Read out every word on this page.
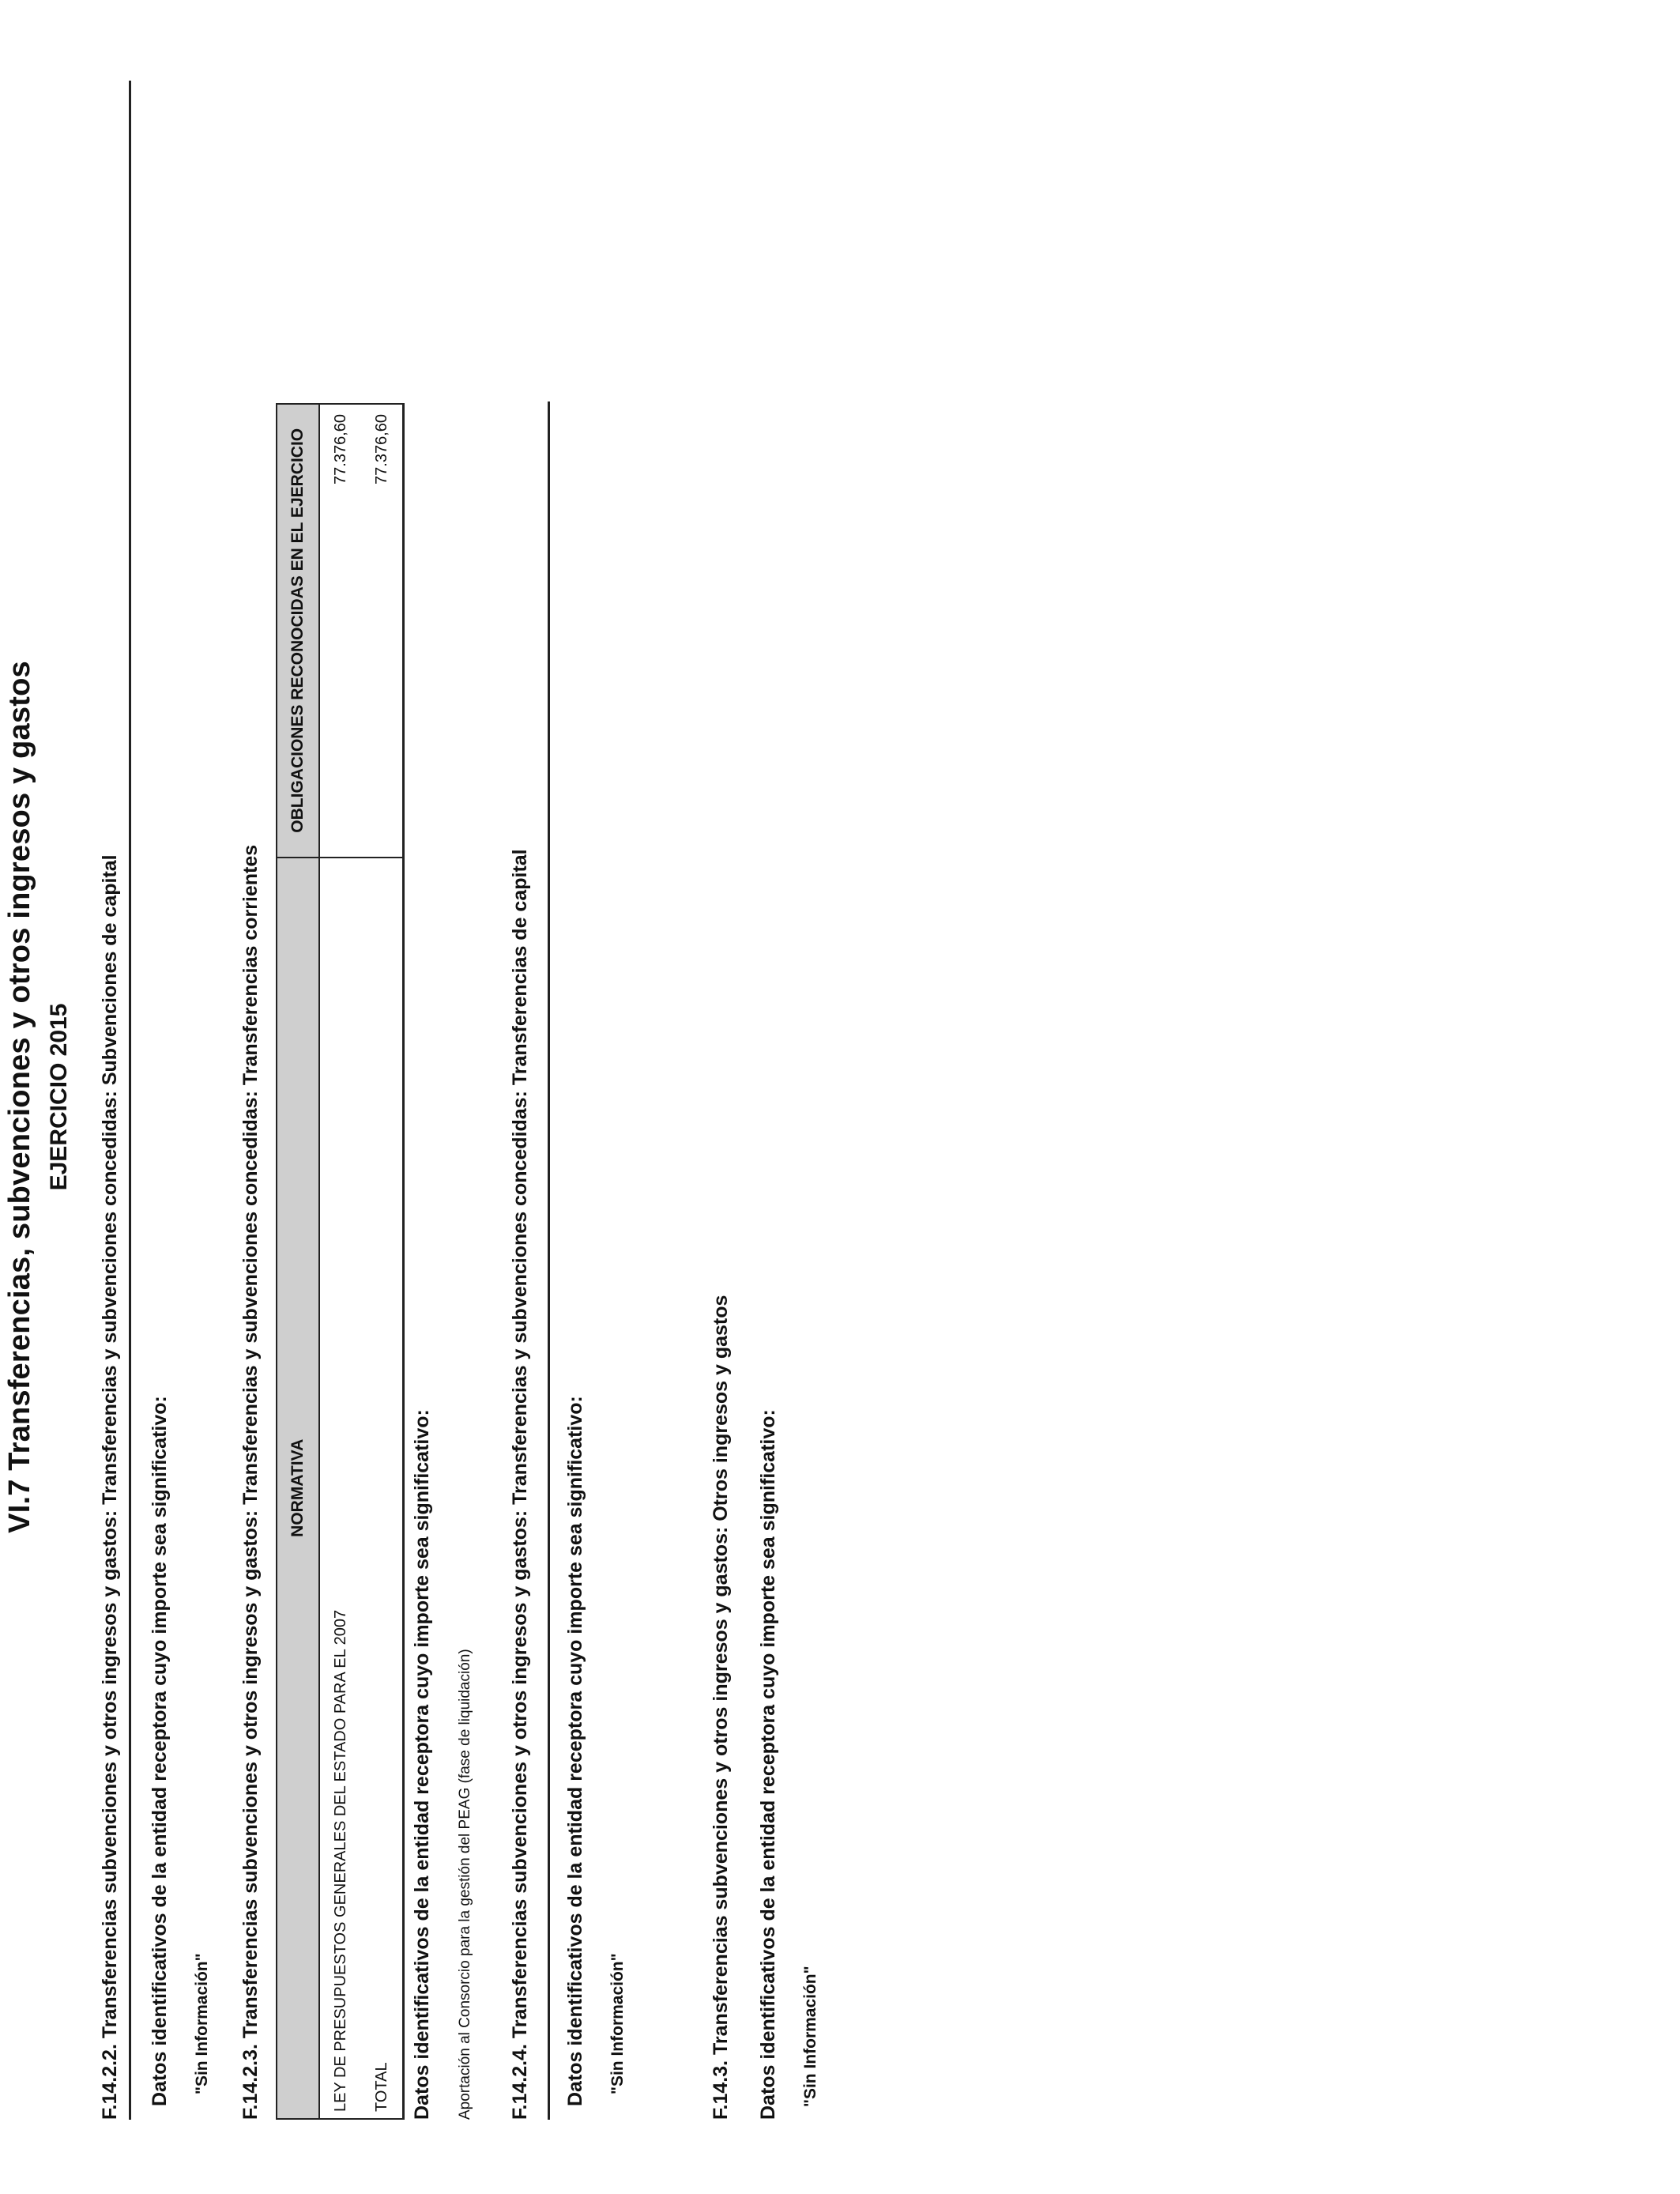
VI.7 Transferencias, subvenciones y otros ingresos y gastos EJERCICIO 2015 F.14.2.2. Transferencias subvenciones y otros ingresos y gastos: Transferencias y subvenciones concedidas: Subvenciones de capital Datos identificativos de la entidad receptora cuyo importe sea significativo: "Sin Información" F.14.2.3. Transferencias subvenciones y otros ingresos y gastos: Transferencias y subvenciones concedidas: Transferencias corrientes NORMATIVA	OBLIGACIONES RECONOCIDAS EN EL EJERCICIO
LEY DE PRESUPUESTOS GENERALES DEL ESTADO PARA EL 2007	77.376,60
TOTAL	77.376,60
Datos identificativos de la entidad receptora cuyo importe sea significativo: Aportación al Consorcio para la gestión del PEAG (fase de liquidación) F.14.2.4. Transferencias subvenciones y otros ingresos y gastos: Transferencias y subvenciones concedidas: Transferencias de capital Datos identificativos de la entidad receptora cuyo importe sea significativo: "Sin Información"	F.14.3. Transferencias subvenciones y otros ingresos y gastos: Otros ingresos y gastos Datos identificativos de la entidad receptora cuyo importe sea significativo: "Sin Información"
